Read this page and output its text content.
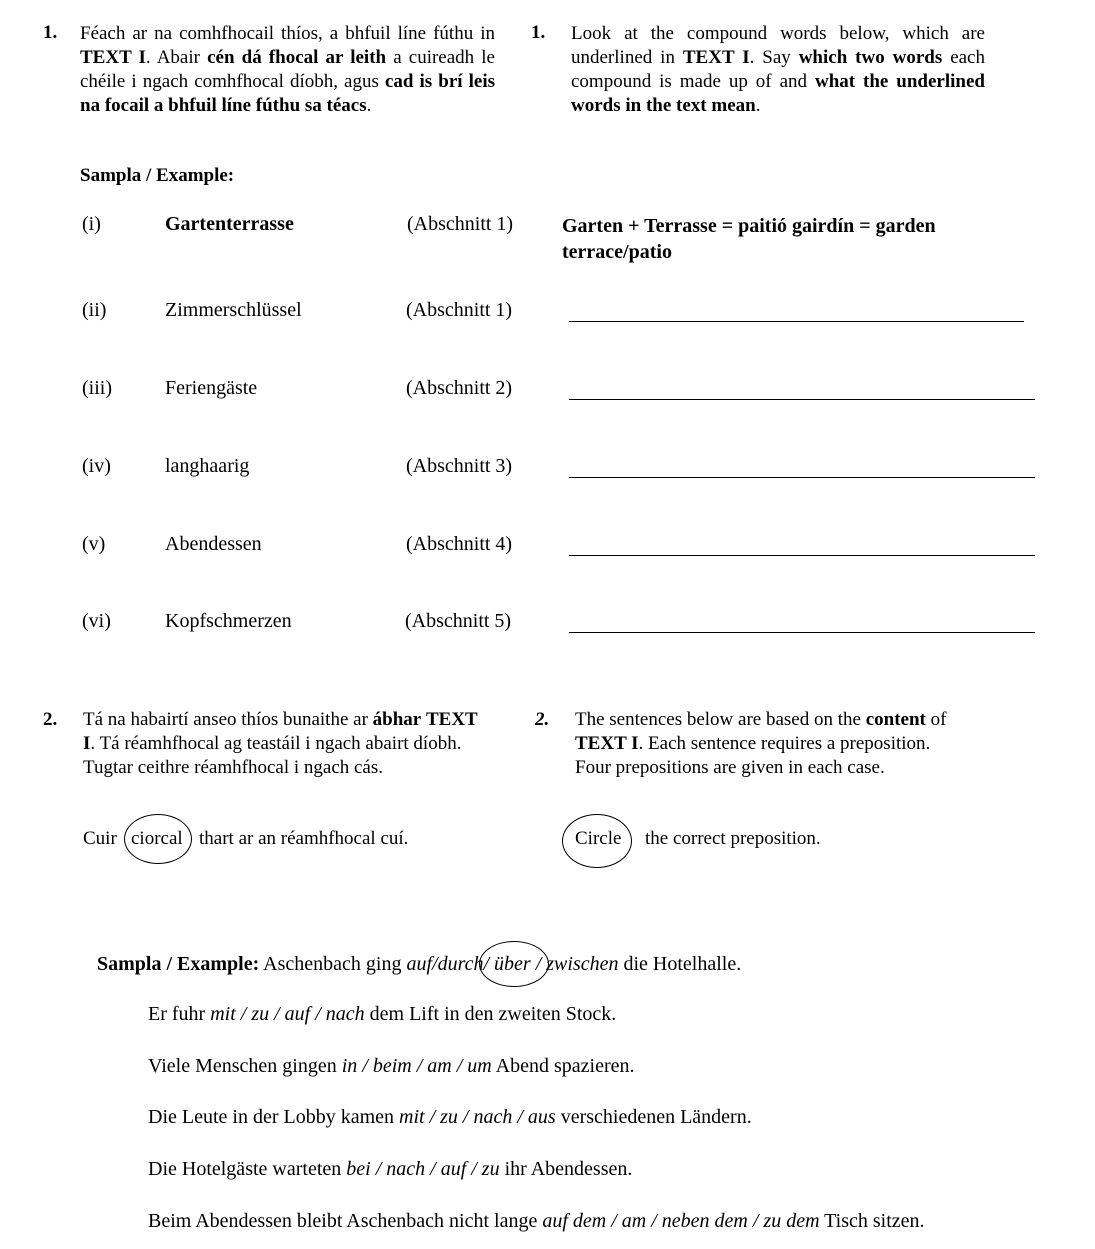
1. Féach ar na comhfhocail thíos, a bhfuil líne fúthu in TEXT I. Abair cén dá fhocal ar leith a cuireadh le chéile i ngach comhfhocal díobh, agus cad is brí leis na focail a bhfuil líne fúthu sa téacs.
1. Look at the compound words below, which are underlined in TEXT I. Say which two words each compound is made up of and what the underlined words in the text mean.
Sampla / Example:
(i)	Gartenterrasse	(Abschnitt 1) Garten + Terrasse = paitió gairdín = garden terrace/patio
(ii)	Zimmerschlüssel	(Abschnitt 1)
(iii)	Feriengäste	(Abschnitt 2)
(iv)	langhaarig	(Abschnitt 3)
(v)	Abendessen	(Abschnitt 4)
(vi)	Kopfschmerzen	(Abschnitt 5)
2. Tá na habairtí anseo thíos bunaithe ar ábhar TEXT I. Tá réamhfhocal ag teastáil i ngach abairt díobh. Tugtar ceithre réamhfhocal i ngach cás.
2. The sentences below are based on the content of TEXT I. Each sentence requires a preposition. Four prepositions are given in each case.
Cuir ciorcal thart ar an réamhfhocal cuí.	Circle the correct preposition.
Sampla / Example: Aschenbach ging auf/durch/ über / zwischen die Hotelhalle.
Er fuhr mit / zu / auf / nach dem Lift in den zweiten Stock.
Viele Menschen gingen in / beim / am / um Abend spazieren.
Die Leute in der Lobby kamen mit / zu / nach / aus verschiedenen Ländern.
Die Hotelgäste warteten bei / nach / auf / zu ihr Abendessen.
Beim Abendessen bleibt Aschenbach nicht lange auf dem / am / neben dem / zu dem Tisch sitzen.
